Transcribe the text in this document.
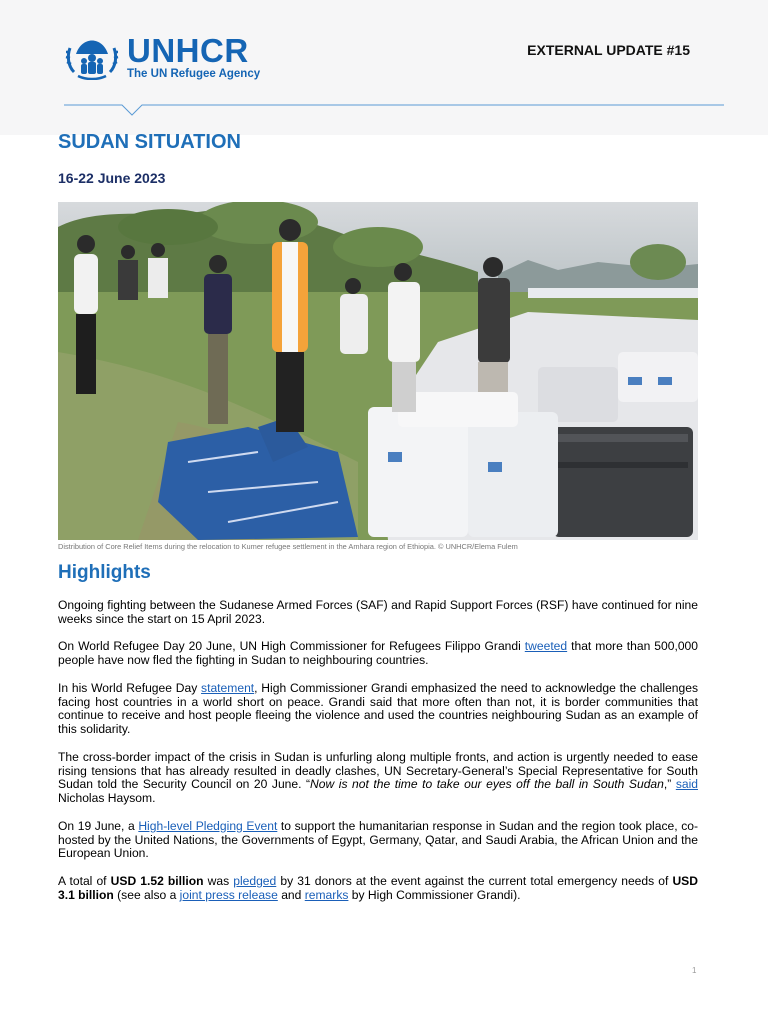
UNHCR
The UN Refugee Agency
EXTERNAL UPDATE #15
SUDAN SITUATION
16-22 June 2023
Distribution of Core Relief Items during the relocation to Kumer refugee settlement in the Amhara region of Ethiopia. © UNHCR/Elema Fulem
Highlights

Ongoing fighting between the Sudanese Armed Forces (SAF) and Rapid Support Forces (RSF) have continued for nine weeks since the start on 15 April 2023.

On World Refugee Day 20 June, UN High Commissioner for Refugees Filippo Grandi tweeted that more than 500,000 people have now fled the fighting in Sudan to neighbouring countries.

In his World Refugee Day statement, High Commissioner Grandi emphasized the need to acknowledge the challenges facing host countries in a world short on peace. Grandi said that more often than not, it is border communities that continue to receive and host people fleeing the violence and used the countries neighbouring Sudan as an example of this solidarity.

The cross-border impact of the crisis in Sudan is unfurling along multiple fronts, and action is urgently needed to ease rising tensions that has already resulted in deadly clashes, UN Secretary-General’s Special Representative for South Sudan told the Security Council on 20 June. “Now is not the time to take our eyes off the ball in South Sudan,” said Nicholas Haysom.

On 19 June, a High-level Pledging Event to support the humanitarian response in Sudan and the region took place, co-hosted by the United Nations, the Governments of Egypt, Germany, Qatar, and Saudi Arabia, the African Union and the European Union.

A total of USD 1.52 billion was pledged by 31 donors at the event against the current total emergency needs of USD 3.1 billion (see also a joint press release and remarks by High Commissioner Grandi).

1
